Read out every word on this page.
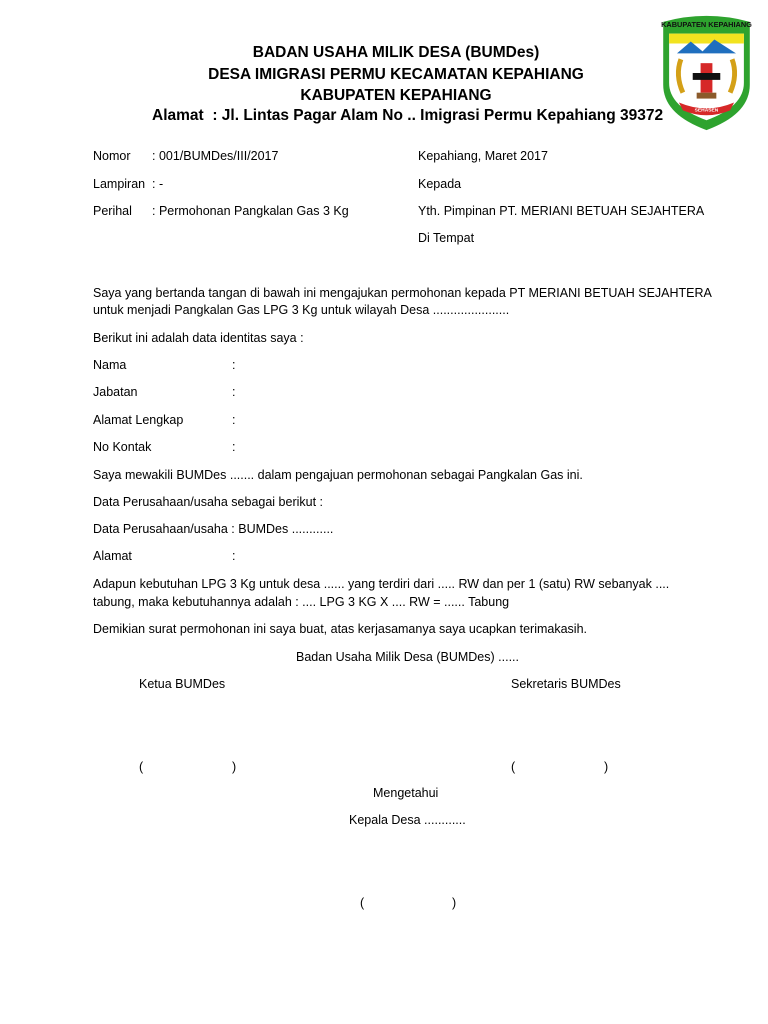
BADAN USAHA MILIK DESA (BUMDes)
DESA IMIGRASI PERMU KECAMATAN KEPAHIANG
KABUPATEN KEPAHIANG
Alamat : Jl. Lintas Pagar Alam No .. Imigrasi Permu Kepahiang 39372
KABUPATEN KEPAHIANG
SEHASEN
Nomor : 001/BUMDes/III/2017
Lampiran : -
Perihal : Permohonan Pangkalan Gas 3 Kg
Kepahiang, Maret 2017
Kepada
Yth. Pimpinan PT. MERIANI BETUAH SEJAHTERA
Di Tempat
Saya yang bertanda tangan di bawah ini mengajukan permohonan kepada PT MERIANI BETUAH SEJAHTERA
untuk menjadi Pangkalan Gas LPG 3 Kg untuk wilayah Desa ......................
Berikut ini adalah data identitas saya :
Nama	:
Jabatan	:
Alamat Lengkap	:
No Kontak	:
Saya mewakili BUMDes ....... dalam pengajuan permohonan sebagai Pangkalan Gas ini.
Data Perusahaan/usaha sebagai berikut :
Data Perusahaan/usaha : BUMDes ............
Alamat	:
Adapun kebutuhan LPG 3 Kg untuk desa ...... yang terdiri dari ..... RW dan per 1 (satu) RW sebanyak ....
tabung, maka kebutuhannya adalah : .... LPG 3 KG X .... RW = ...... Tabung
Demikian surat permohonan ini saya buat, atas kerjasamanya saya ucapkan terimakasih.
Badan Usaha Milik Desa (BUMDes) ......
Ketua BUMDes	Sekretaris BUMDes
(	)	(	)
Mengetahui
Kepala Desa ............
(	)
